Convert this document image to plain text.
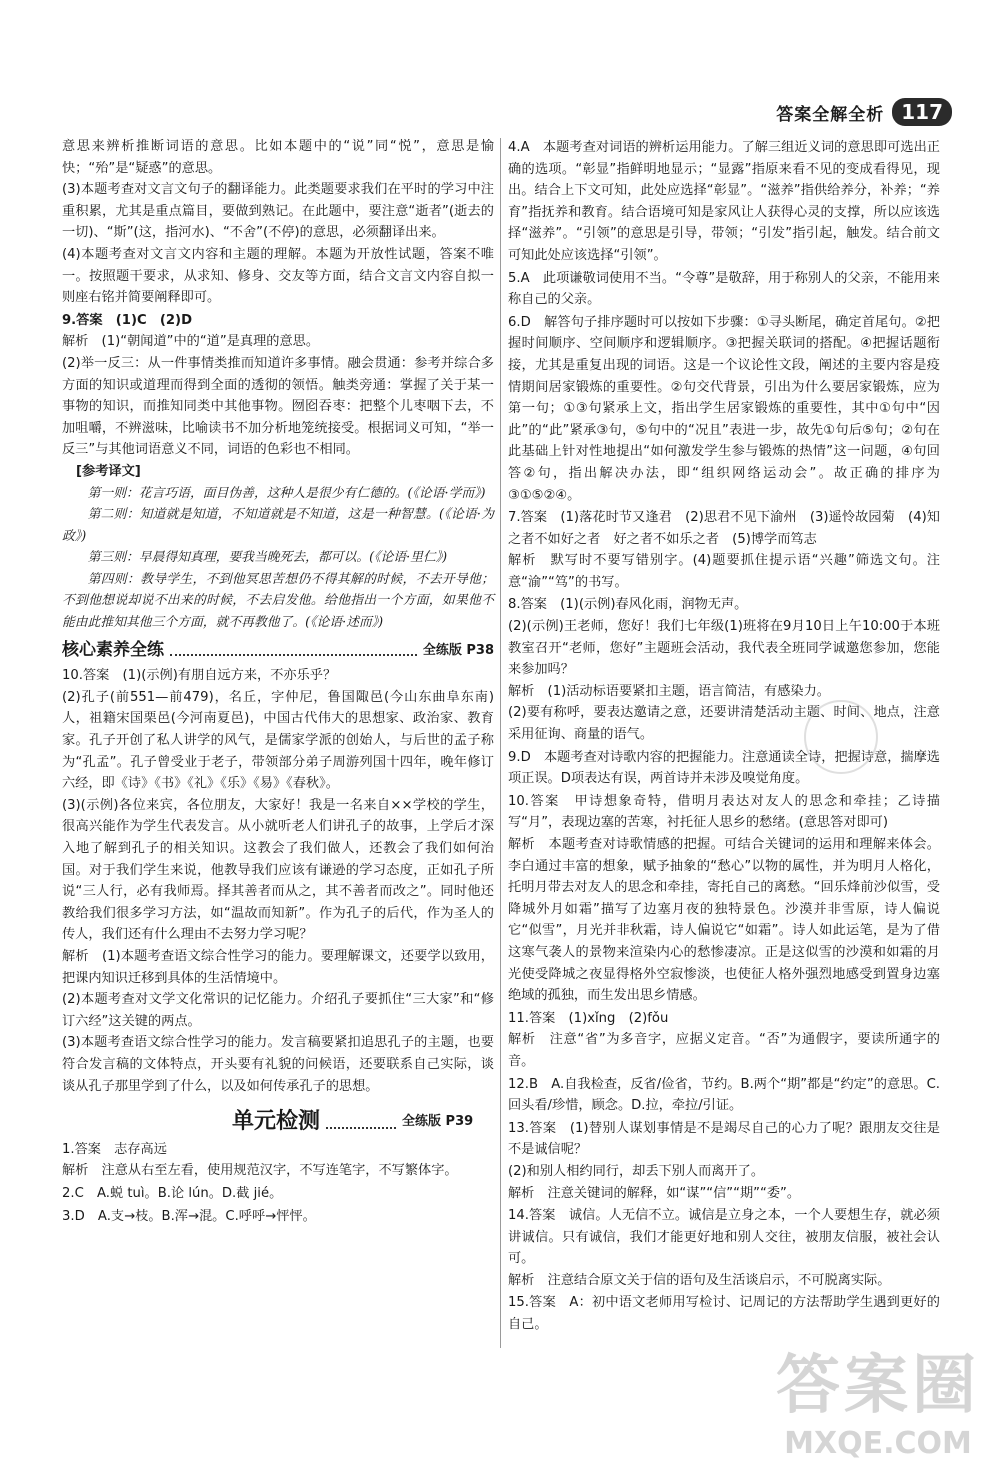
答案全解全析 117

意思来辨析推断词语的意思。比如本题中的“说”同“悦”，意思是愉快；“殆”是“疑惑”的意思。

(3)本题考查对文言文句子的翻译能力。此类题要求我们在平时的学习中注重积累，尤其是重点篇目，要做到熟记。在此题中，要注意“逝者”(逝去的一切)、“斯”(这，指河水)、“不舍”(不停)的意思，必须翻译出来。

(4)本题考查对文言文内容和主题的理解。本题为开放性试题，答案不唯一。按照题干要求，从求知、修身、交友等方面，结合文言文内容自拟一则座右铭并简要阐释即可。

9.答案　(1)C　(2)D

解析　(1)“朝闻道”中的“道”是真理的意思。

(2)举一反三：从一件事情类推而知道许多事情。融会贯通：参考并综合多方面的知识或道理而得到全面的透彻的领悟。触类旁通：掌握了关于某一事物的知识，而推知同类中其他事物。囫囵吞枣：把整个儿枣咽下去，不加咀嚼，不辨滋味，比喻读书不加分析地笼统接受。根据词义可知，“举一反三”与其他词语意义不同，词语的色彩也不相同。

[参考译文]

第一则：花言巧语，面目伪善，这种人是很少有仁德的。(《论语·学而》)

第二则：知道就是知道，不知道就是不知道，这是一种智慧。(《论语·为政》)

第三则：早晨得知真理，要我当晚死去，都可以。(《论语·里仁》)

第四则：教导学生，不到他冥思苦想仍不得其解的时候，不去开导他；不到他想说却说不出来的时候，不去启发他。给他指出一个方面，如果他不能由此推知其他三个方面，就不再教他了。(《论语·述而》)

核心素养全练	全练版 P38

10.答案　(1)(示例)有朋自远方来，不亦乐乎？

(2)孔子(前551—前479)，名丘，字仲尼，鲁国陬邑(今山东曲阜东南)人，祖籍宋国栗邑(今河南夏邑)，中国古代伟大的思想家、政治家、教育家。孔子开创了私人讲学的风气，是儒家学派的创始人，与后世的孟子称为“孔孟”。孔子曾受业于老子，带领部分弟子周游列国十四年，晚年修订六经，即《诗》《书》《礼》《乐》《易》《春秋》。

(3)(示例)各位来宾，各位朋友，大家好！我是一名来自××学校的学生，很高兴能作为学生代表发言。从小就听老人们讲孔子的故事，上学后才深入地了解到孔子的相关知识。这教会了我们做人，还教会了我们如何治国。对于我们学生来说，他教导我们应该有谦逊的学习态度，正如孔子所说“三人行，必有我师焉。择其善者而从之，其不善者而改之”。同时他还教给我们很多学习方法，如“温故而知新”。作为孔子的后代，作为圣人的传人，我们还有什么理由不去努力学习呢？

解析　(1)本题考查语文综合性学习的能力。要理解课文，还要学以致用，把课内知识迁移到具体的生活情境中。

(2)本题考查对文学文化常识的记忆能力。介绍孔子要抓住“三大家”和“修订六经”这关键的两点。

(3)本题考查语文综合性学习的能力。发言稿要紧扣追思孔子的主题，也要符合发言稿的文体特点，开头要有礼貌的问候语，还要联系自己实际，谈谈从孔子那里学到了什么，以及如何传承孔子的思想。

单元检测	全练版 P39

1.答案　志存高远

解析　注意从右至左看，使用规范汉字，不写连笔字，不写繁体字。

2.C　A.蜕 tuì。B.论 lún。D.截 jié。

3.D　A.支→枝。B.浑→混。C.呼呼→怦怦。

4.A　本题考查对词语的辨析运用能力。了解三组近义词的意思即可选出正确的选项。“彰显”指鲜明地显示；“显露”指原来看不见的变成看得见，现出。结合上下文可知，此处应选择“彰显”。“滋养”指供给养分，补养；“养育”指抚养和教育。结合语境可知是家风让人获得心灵的支撑，所以应该选择“滋养”。“引领”的意思是引导，带领；“引发”指引起，触发。结合前文可知此处应该选择“引领”。

5.A　此项谦敬词使用不当。“令尊”是敬辞，用于称别人的父亲，不能用来称自己的父亲。

6.D　解答句子排序题时可以按如下步骤：①寻头断尾，确定首尾句。②把握时间顺序、空间顺序和逻辑顺序。③把握关联词的搭配。④把握话题衔接，尤其是重复出现的词语。这是一个议论性文段，阐述的主要内容是疫情期间居家锻炼的重要性。②句交代背景，引出为什么要居家锻炼，应为第一句；①③句紧承上文，指出学生居家锻炼的重要性，其中①句中“因此”的“此”紧承③句，⑤句中的“况且”表进一步，故先①句后⑤句；②句在此基础上针对性地提出“如何激发学生参与锻炼的热情”这一问题，④句回答②句，指出解决办法，即“组织网络运动会”。故正确的排序为③①⑤②④。

7.答案　(1)落花时节又逢君　(2)思君不见下渝州　(3)遥怜故园菊　(4)知之者不如好之者　好之者不如乐之者　(5)博学而笃志

解析　默写时不要写错别字。(4)题要抓住提示语“兴趣”筛选文句。注意“渝”“笃”的书写。

8.答案　(1)(示例)春风化雨，润物无声。

(2)(示例)王老师，您好！我们七年级(1)班将在9月10日上午10:00于本班教室召开“老师，您好”主题班会活动，我代表全班同学诚邀您参加，您能来参加吗？

解析　(1)活动标语要紧扣主题，语言简洁，有感染力。

(2)要有称呼，要表达邀请之意，还要讲清楚活动主题、时间、地点，注意采用征询、商量的语气。

9.D　本题考查对诗歌内容的把握能力。注意通读全诗，把握诗意，揣摩选项正误。D项表达有误，两首诗并未涉及嗅觉角度。

10.答案　甲诗想象奇特，借明月表达对友人的思念和牵挂；乙诗描写“月”，表现边塞的苦寒，衬托征人思乡的愁绪。(意思答对即可)

解析　本题考查对诗歌情感的把握。可结合关键词的运用和理解来体会。李白通过丰富的想象，赋予抽象的“愁心”以物的属性，并为明月人格化，托明月带去对友人的思念和牵挂，寄托自己的离愁。“回乐烽前沙似雪，受降城外月如霜”描写了边塞月夜的独特景色。沙漠并非雪原，诗人偏说它“似雪”，月光并非秋霜，诗人偏说它“如霜”。诗人如此运笔，是为了借这寒气袭人的景物来渲染内心的愁惨凄凉。正是这似雪的沙漠和如霜的月光使受降城之夜显得格外空寂惨淡，也使征人格外强烈地感受到置身边塞绝域的孤独，而生发出思乡情感。

11.答案　(1)xǐng　(2)fǒu

解析　注意“省”为多音字，应据义定音。“否”为通假字，要读所通字的音。

12.B　A.自我检查，反省/俭省，节约。B.两个“期”都是“约定”的意思。C.回头看/珍惜，顾念。D.拉，牵拉/引证。

13.答案　(1)替别人谋划事情是不是竭尽自己的心力了呢？跟朋友交往是不是诚信呢？

(2)和别人相约同行，却丢下别人而离开了。

解析　注意关键词的解释，如“谋”“信”“期”“委”。

14.答案　诚信。人无信不立。诚信是立身之本，一个人要想生存，就必须讲诚信。只有诚信，我们才能更好地和别人交往，被朋友信服，被社会认可。

解析　注意结合原文关于信的语句及生活谈启示，不可脱离实际。

15.答案　A：初中语文老师用写检讨、记周记的方法帮助学生遇到更好的自己。

答案圈
MXQE.COM
